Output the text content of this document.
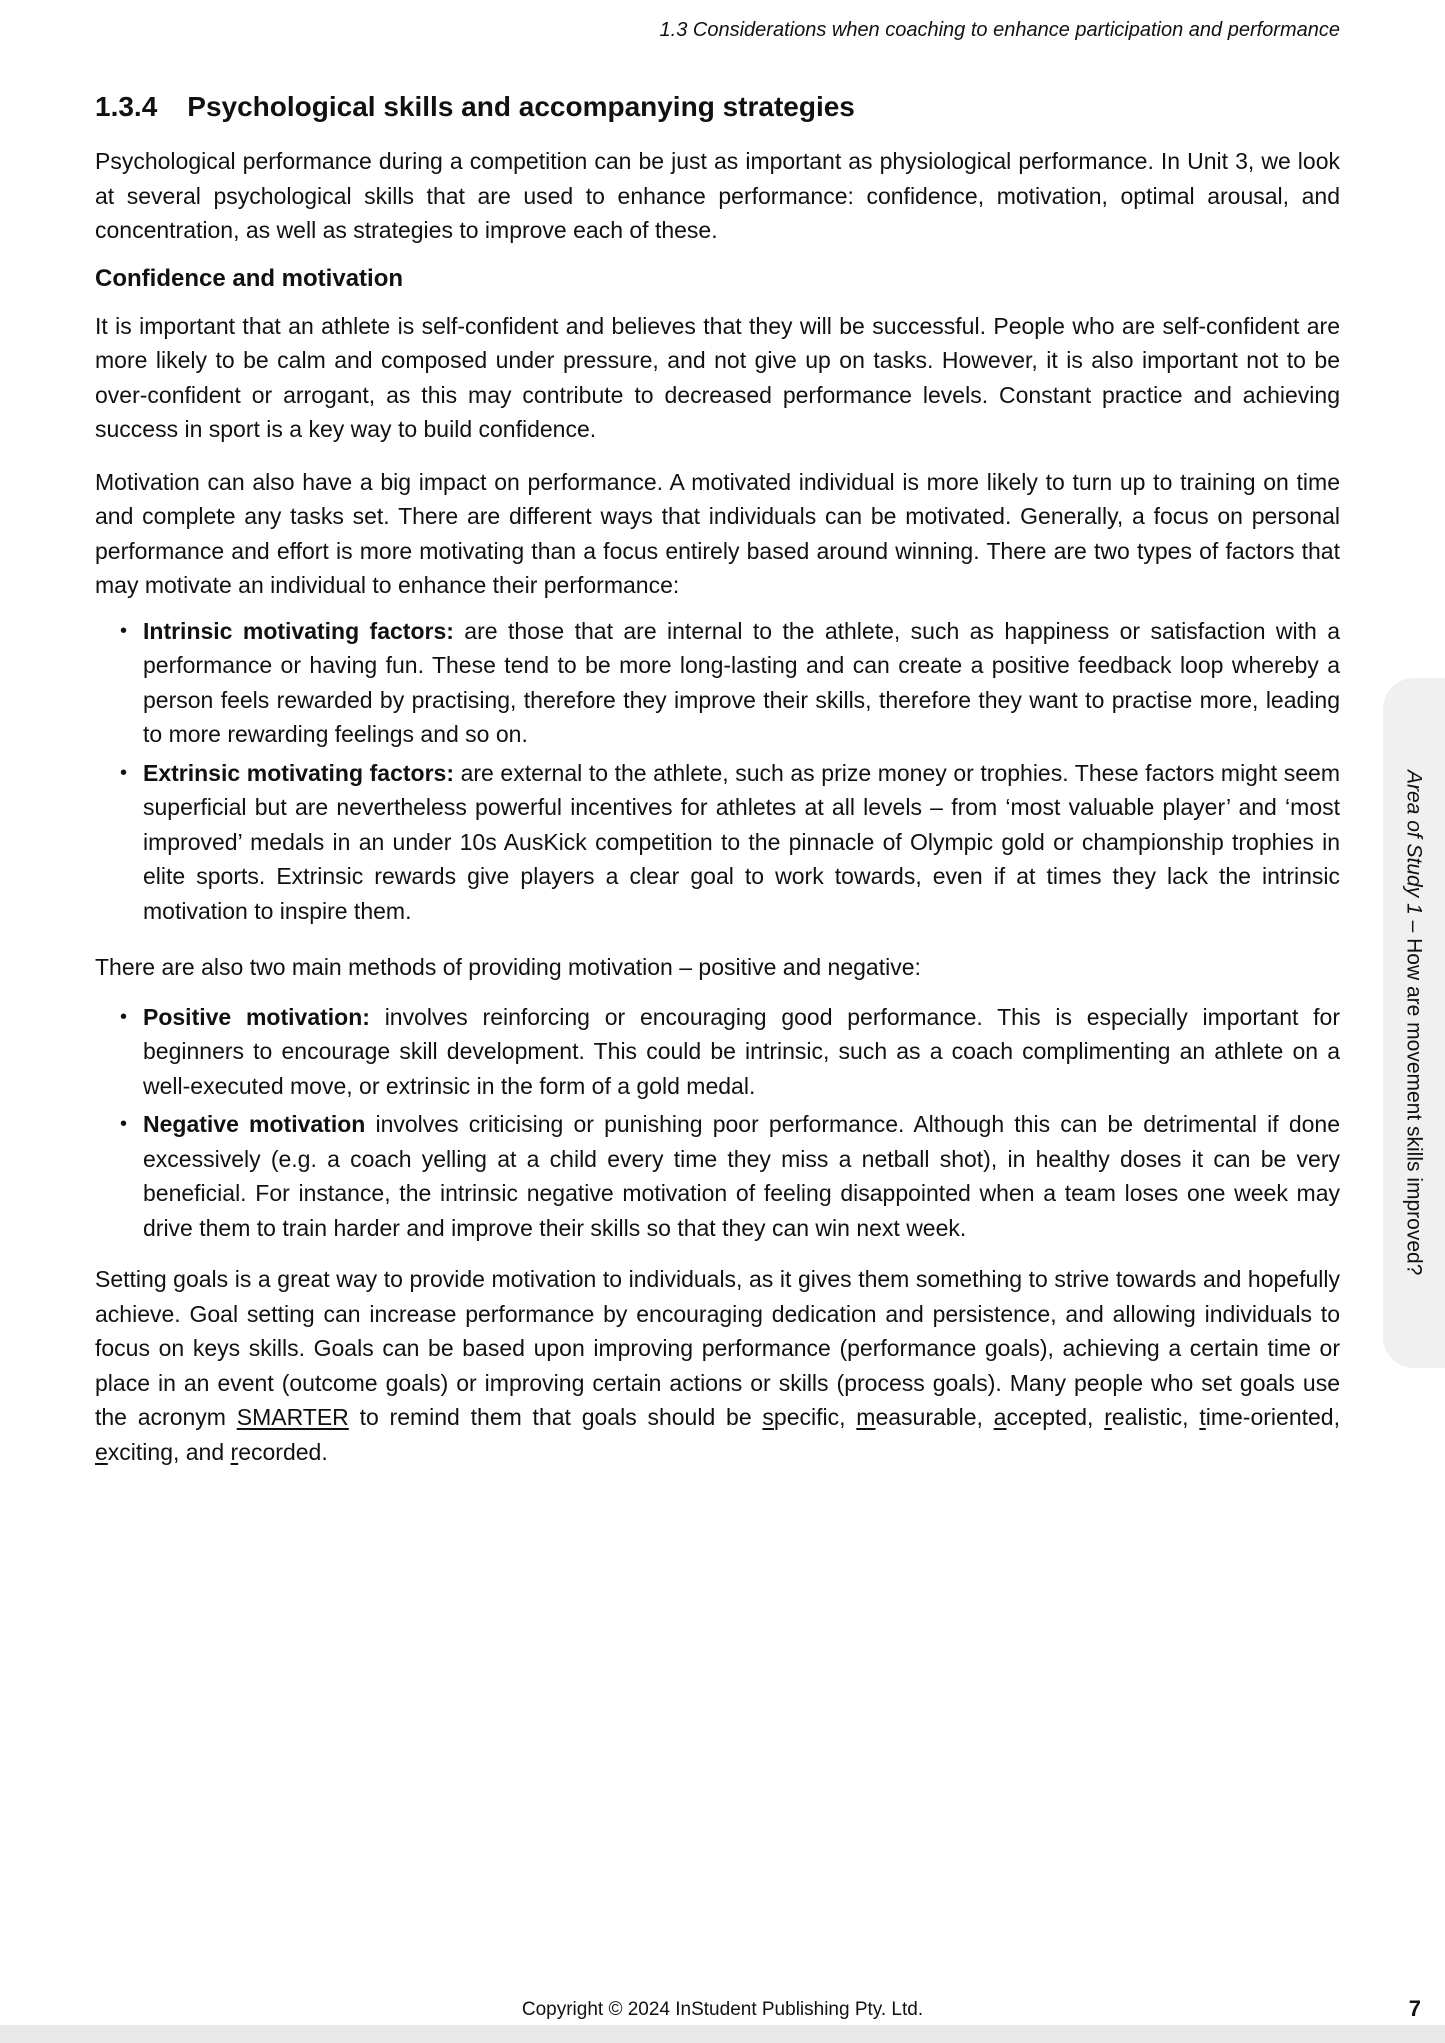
1.3 Considerations when coaching to enhance participation and performance

1.3.4 Psychological skills and accompanying strategies

Psychological performance during a competition can be just as important as physiological performance. In Unit 3, we look at several psychological skills that are used to enhance performance: confidence, motivation, optimal arousal, and concentration, as well as strategies to improve each of these.

Confidence and motivation

It is important that an athlete is self-confident and believes that they will be successful. People who are self-confident are more likely to be calm and composed under pressure, and not give up on tasks. However, it is also important not to be over-confident or arrogant, as this may contribute to decreased performance levels. Constant practice and achieving success in sport is a key way to build confidence.

Motivation can also have a big impact on performance. A motivated individual is more likely to turn up to training on time and complete any tasks set. There are different ways that individuals can be motivated. Generally, a focus on personal performance and effort is more motivating than a focus entirely based around winning. There are two types of factors that may motivate an individual to enhance their performance:

• Intrinsic motivating factors: are those that are internal to the athlete, such as happiness or satisfaction with a performance or having fun. These tend to be more long-lasting and can create a positive feedback loop whereby a person feels rewarded by practising, therefore they improve their skills, therefore they want to practise more, leading to more rewarding feelings and so on.
• Extrinsic motivating factors: are external to the athlete, such as prize money or trophies. These factors might seem superficial but are nevertheless powerful incentives for athletes at all levels – from ‘most valuable player’ and ‘most improved’ medals in an under 10s AusKick competition to the pinnacle of Olympic gold or championship trophies in elite sports. Extrinsic rewards give players a clear goal to work towards, even if at times they lack the intrinsic motivation to inspire them.

There are also two main methods of providing motivation – positive and negative:

• Positive motivation: involves reinforcing or encouraging good performance. This is especially important for beginners to encourage skill development. This could be intrinsic, such as a coach complimenting an athlete on a well-executed move, or extrinsic in the form of a gold medal.
• Negative motivation involves criticising or punishing poor performance. Although this can be detrimental if done excessively (e.g. a coach yelling at a child every time they miss a netball shot), in healthy doses it can be very beneficial. For instance, the intrinsic negative motivation of feeling disappointed when a team loses one week may drive them to train harder and improve their skills so that they can win next week.

Setting goals is a great way to provide motivation to individuals, as it gives them something to strive towards and hopefully achieve. Goal setting can increase performance by encouraging dedication and persistence, and allowing individuals to focus on keys skills. Goals can be based upon improving performance (performance goals), achieving a certain time or place in an event (outcome goals) or improving certain actions or skills (process goals). Many people who set goals use the acronym SMARTER to remind them that goals should be specific, measurable, accepted, realistic, time-oriented, exciting, and recorded.

Area of Study 1 – How are movement skills improved?

Copyright © 2024 InStudent Publishing Pty. Ltd.	7
